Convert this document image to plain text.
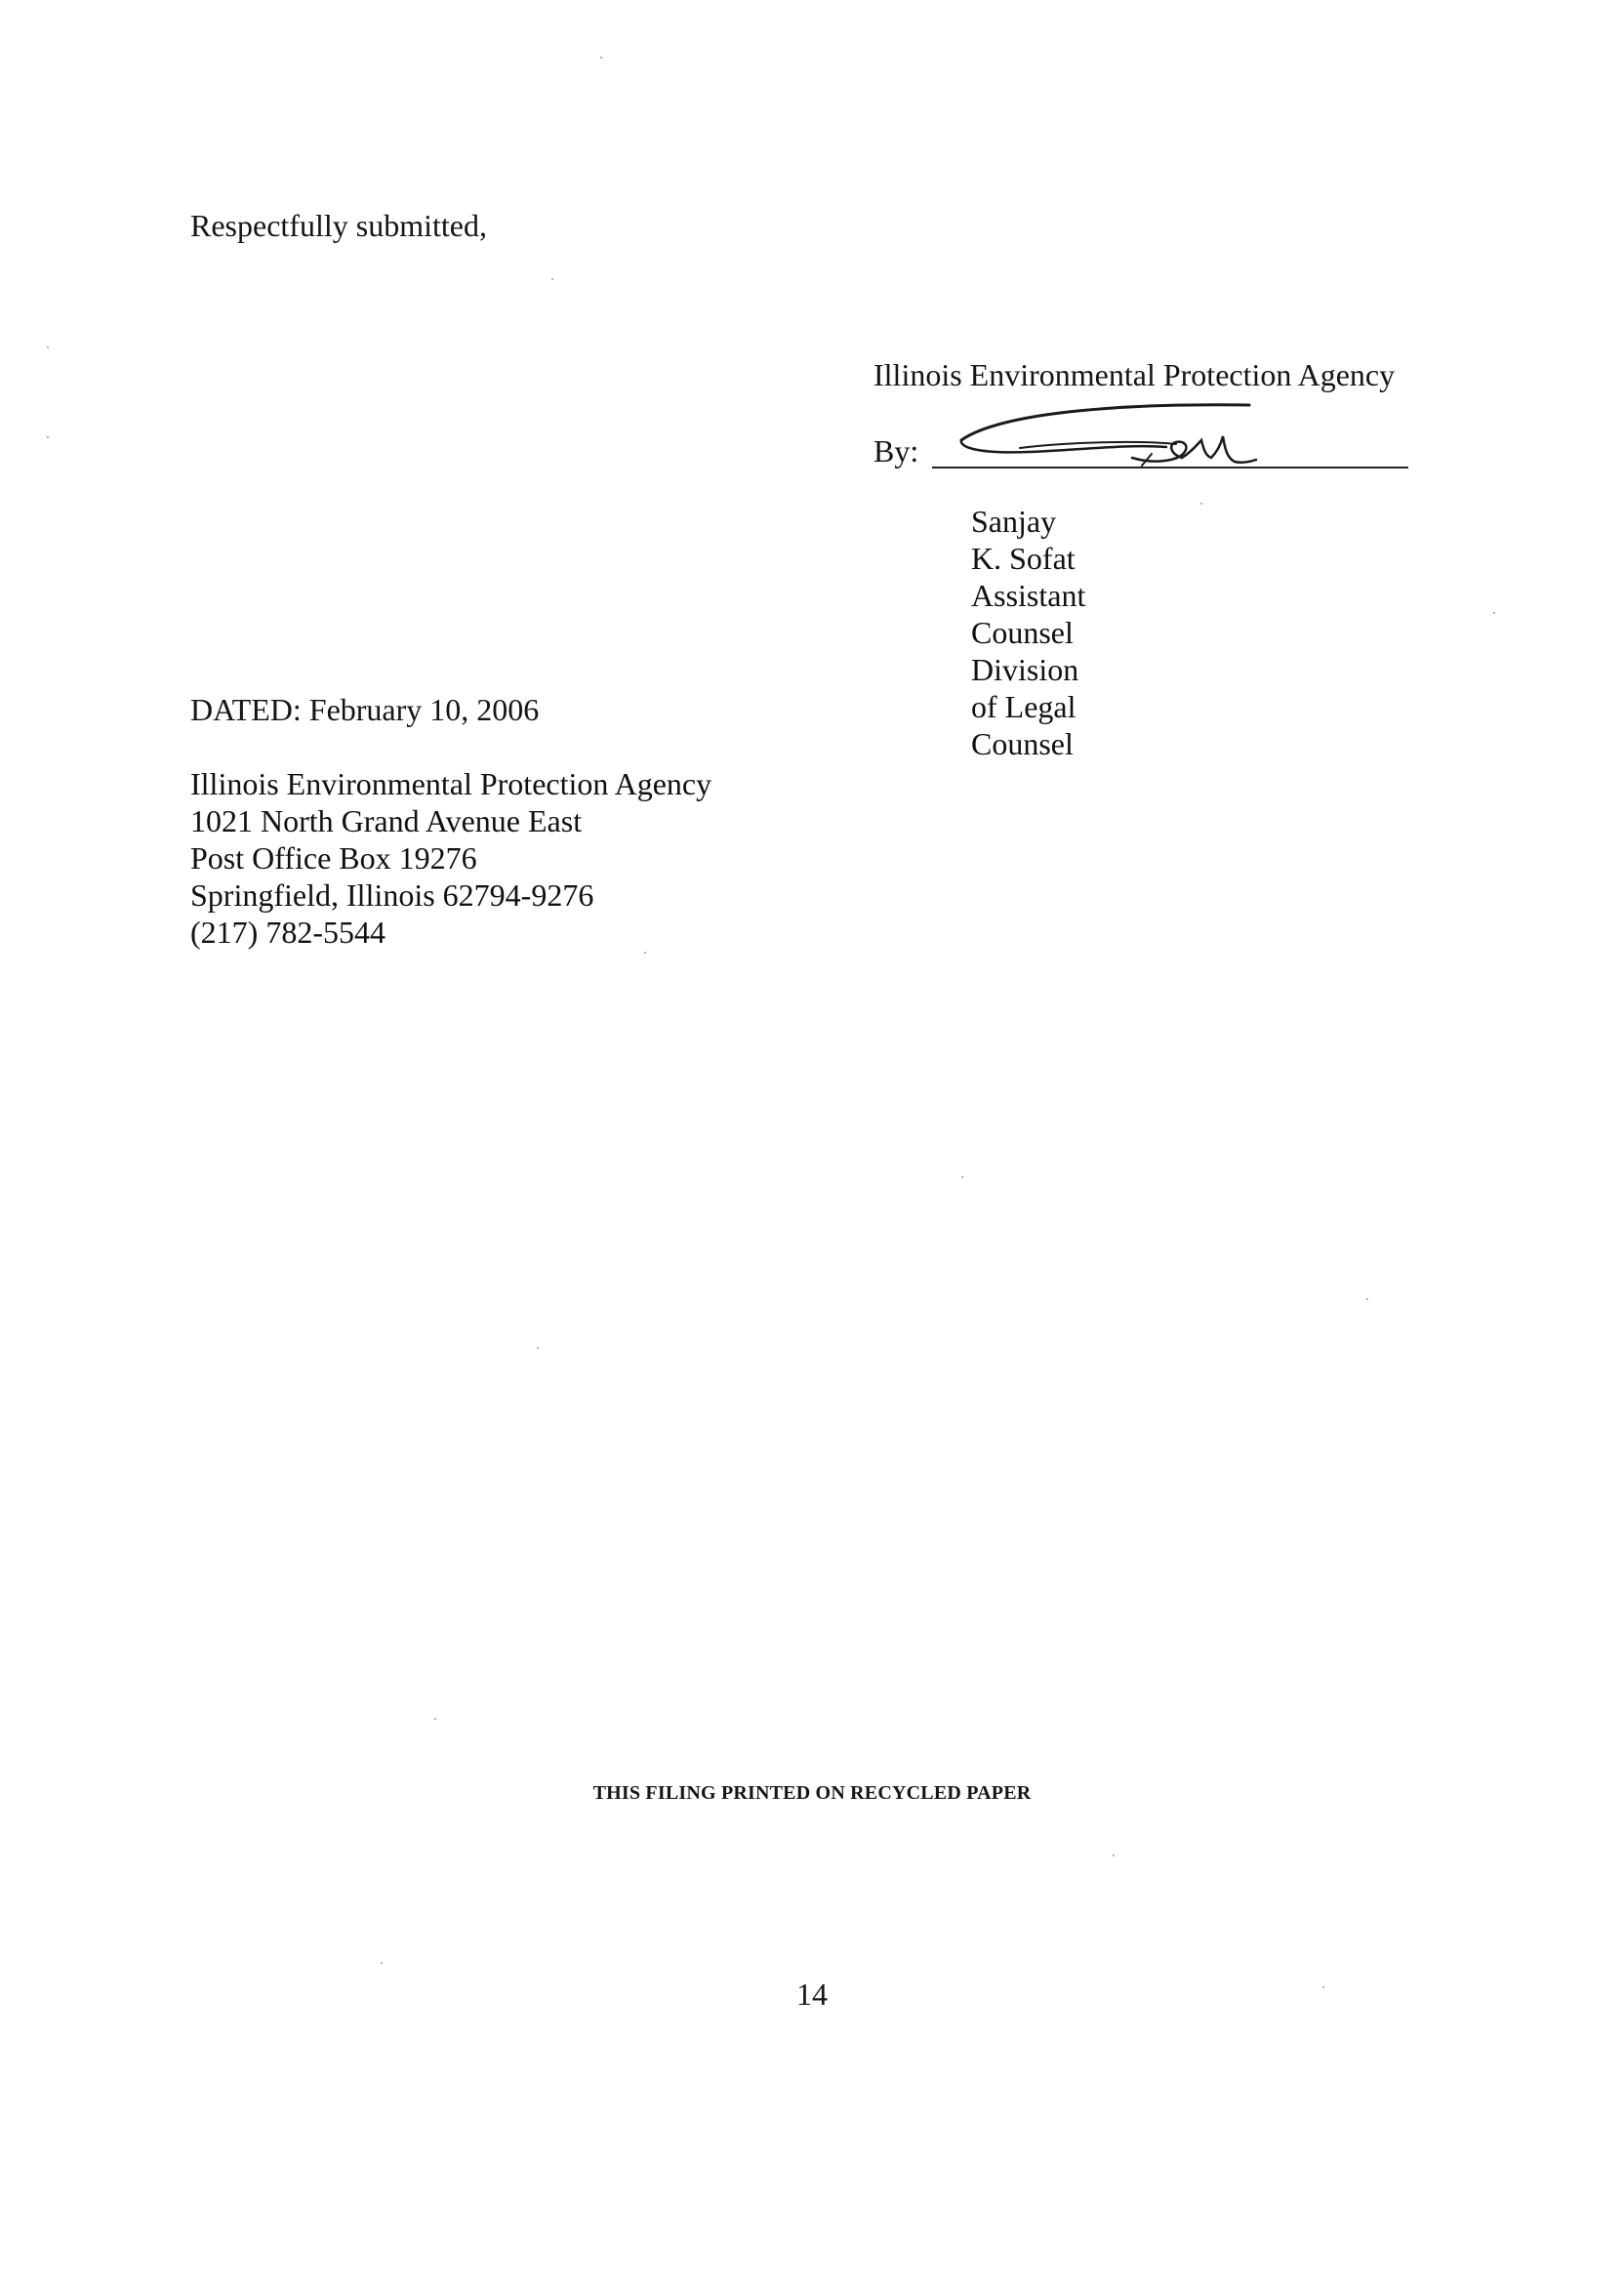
Respectfully submitted,
Illinois Environmental Protection Agency
By:
Sanjay K. Sofat
Assistant Counsel
Division of Legal Counsel
DATED: February 10, 2006
Illinois Environmental Protection Agency
1021 North Grand Avenue East
Post Office Box 19276
Springfield, Illinois 62794-9276
(217) 782-5544
THIS FILING PRINTED ON RECYCLED PAPER
14
